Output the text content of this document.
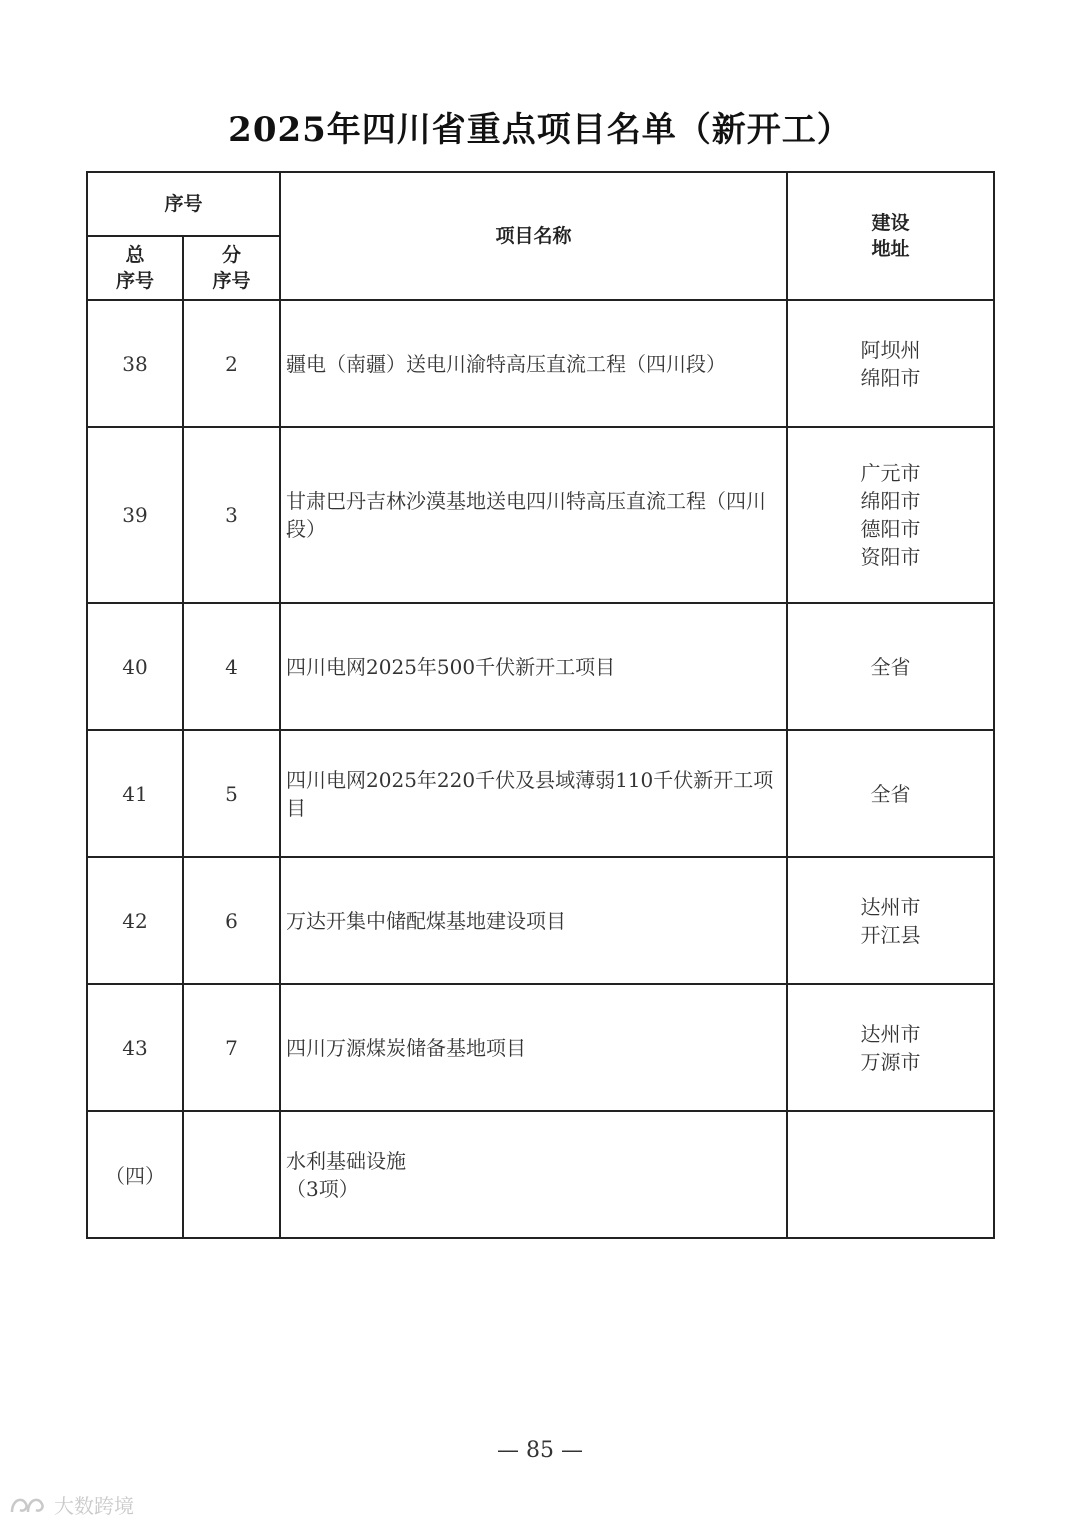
2025年四川省重点项目名单（新开工）
序号		项目名称	建设
地址

总
序号	分
序号		

38	2	疆电（南疆）送电川渝特高压直流工程（四川段）	阿坝州
绵阳市

39	3	甘肃巴丹吉林沙漠基地送电四川特高压直流工程（四川段）	广元市
绵阳市
德阳市
资阳市

40	4	四川电网2025年500千伏新开工项目	全省

41	5	四川电网2025年220千伏及县域薄弱110千伏新开工项目	全省

42	6	万达开集中储配煤基地建设项目	达州市
开江县

43	7	四川万源煤炭储备基地项目	达州市
万源市

（四）		水利基础设施
（3项）	

— 85 —
大数跨境
